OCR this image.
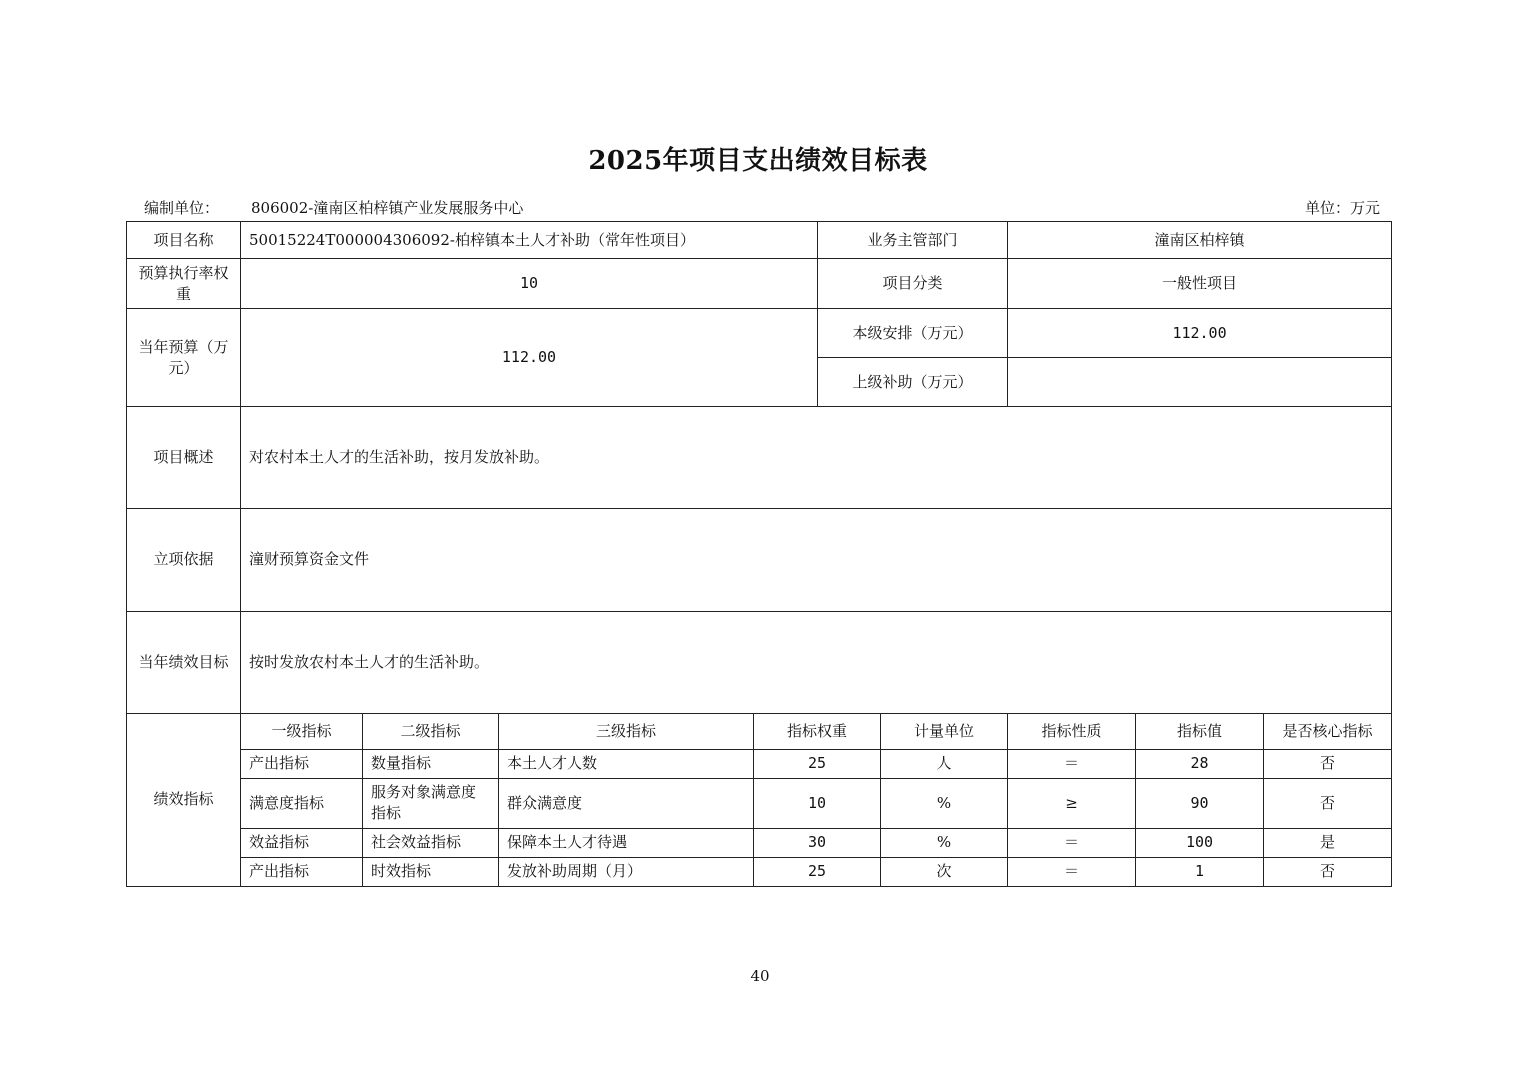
2025年项目支出绩效目标表
编制单位： 806002-潼南区柏梓镇产业发展服务中心	单位：万元
项目名称	50015224T000004306092-柏梓镇本土人才补助（常年性项目）				业务主管部门		潼南区柏梓镇		
预算执行率权重	10				项目分类		一般性项目		
当年预算（万元）	112.00				本级安排（万元）		112.00		
					上级补助（万元）				
项目概述	对农村本土人才的生活补助，按月发放补助。								
立项依据	潼财预算资金文件								
当年绩效目标	按时发放农村本土人才的生活补助。								
绩效指标	一级指标	二级指标	三级指标	指标权重		计量单位	指标性质	指标值	是否核心指标
	产出指标	数量指标	本土人才人数	25		人	＝	28	否
	满意度指标	服务对象满意度指标	群众满意度	10		%	≥	90	否
	效益指标	社会效益指标	保障本土人才待遇	30		%	＝	100	是
	产出指标	时效指标	发放补助周期（月）	25		次	＝	1	否
40
